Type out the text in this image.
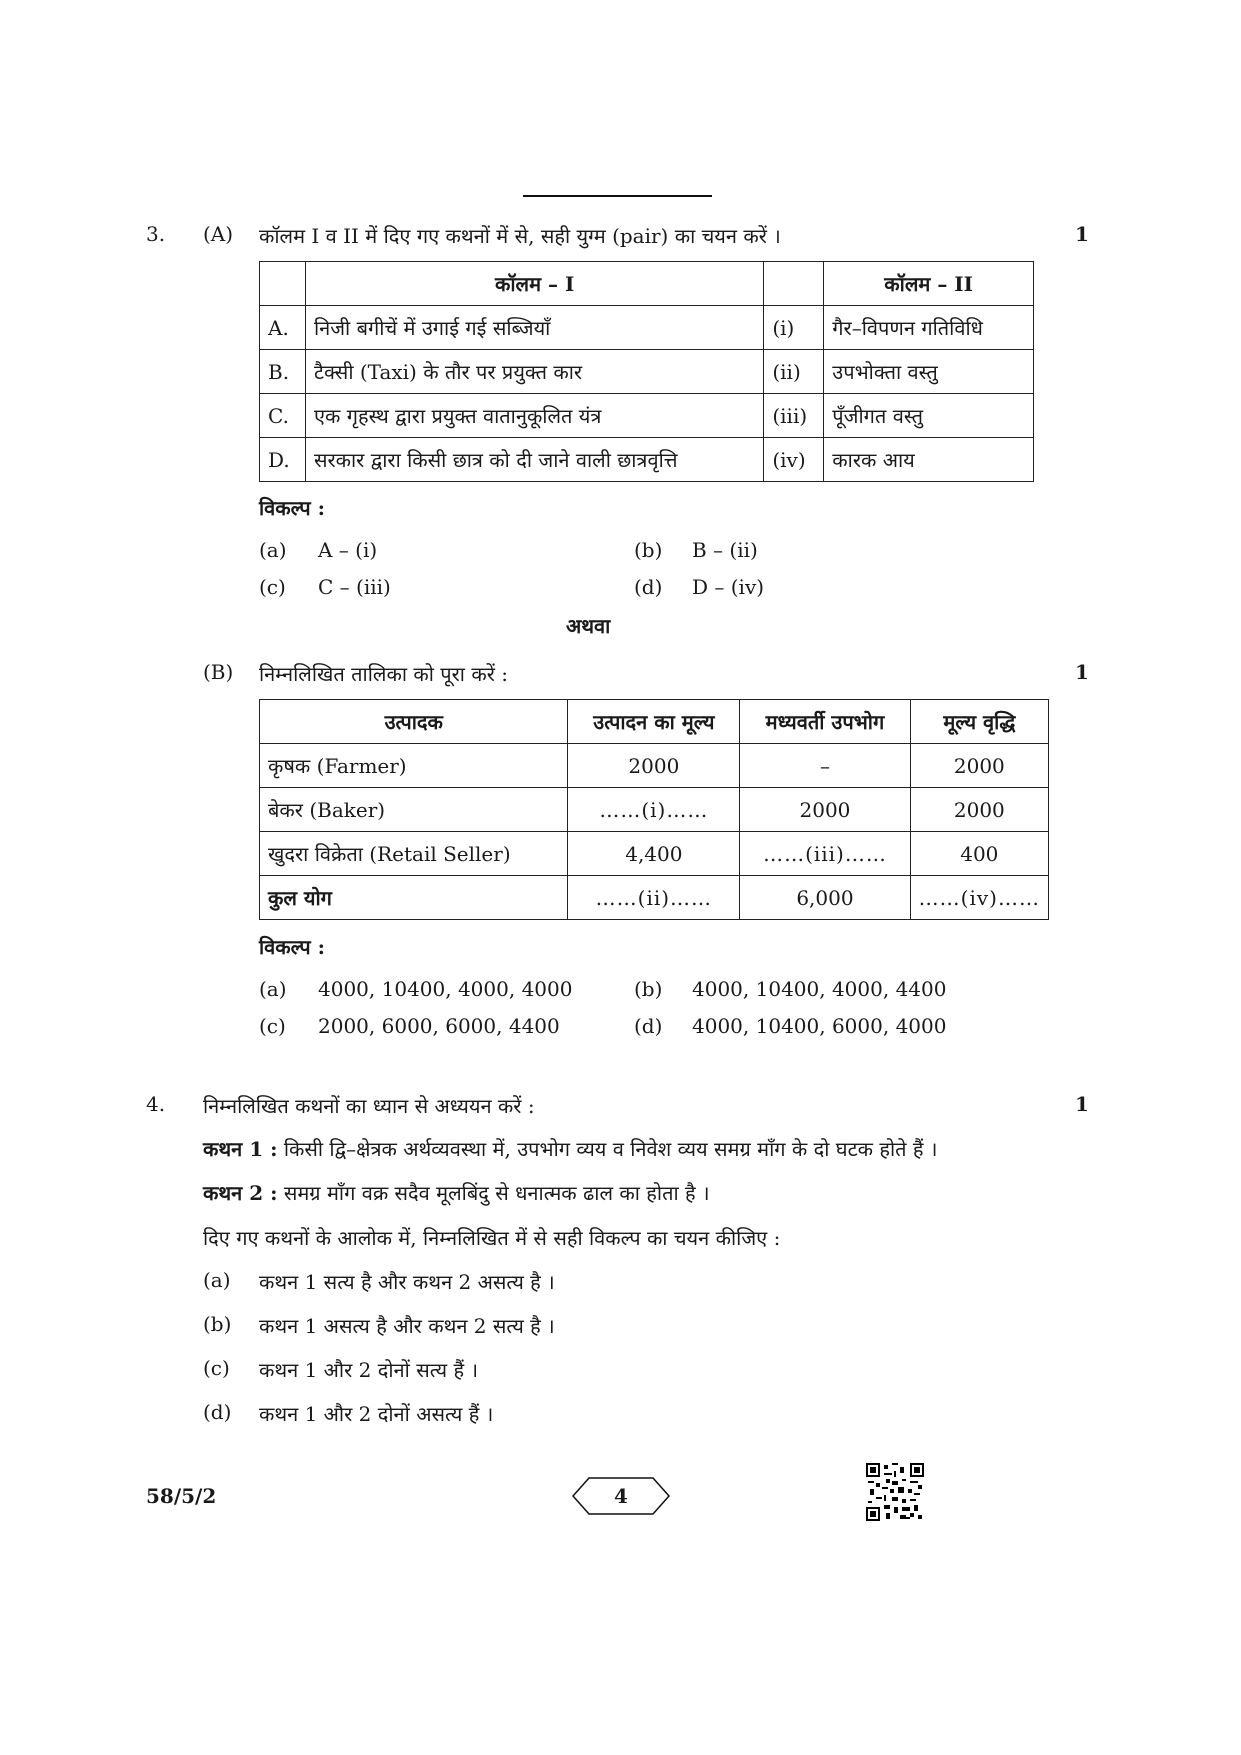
3. (A) कॉलम I व II में दिए गए कथनों में से, सही युग्म (pair) का चयन करें ।	1
	कॉलम – I		कॉलम – II
A.	निजी बगीचें में उगाई गई सब्जियाँ	(i)	गैर–विपणन गतिविधि
B.	टैक्सी (Taxi) के तौर पर प्रयुक्त कार	(ii)	उपभोक्ता वस्तु
C.	एक गृहस्थ द्वारा प्रयुक्त वातानुकूलित यंत्र	(iii)	पूँजीगत वस्तु
D.	सरकार द्वारा किसी छात्र को दी जाने वाली छात्रवृत्ति	(iv)	कारक आय
विकल्प :
(a) A – (i)	(b) B – (ii)
(c) C – (iii)	(d) D – (iv)
अथवा
(B) निम्नलिखित तालिका को पूरा करें :	1
उत्पादक	उत्पादन का मूल्य	मध्यवर्ती उपभोग	मूल्य वृद्धि
कृषक (Farmer)	2000	–	2000
बेकर (Baker)	……(i)……	2000	2000
खुदरा विक्रेता (Retail Seller)	4,400	……(iii)……	400
कुल योग	……(ii)……	6,000	……(iv)……
विकल्प :
(a) 4000, 10400, 4000, 4000	(b) 4000, 10400, 4000, 4400
(c) 2000, 6000, 6000, 4400	(d) 4000, 10400, 6000, 4000
4. निम्नलिखित कथनों का ध्यान से अध्ययन करें :	1
कथन 1 : किसी द्वि–क्षेत्रक अर्थव्यवस्था में, उपभोग व्यय व निवेश व्यय समग्र माँग के दो घटक होते हैं ।
कथन 2 : समग्र माँग वक्र सदैव मूलबिंदु से धनात्मक ढाल का होता है ।
दिए गए कथनों के आलोक में, निम्नलिखित में से सही विकल्प का चयन कीजिए :
(a) कथन 1 सत्य है और कथन 2 असत्य है ।
(b) कथन 1 असत्य है और कथन 2 सत्य है ।
(c) कथन 1 और 2 दोनों सत्य हैं ।
(d) कथन 1 और 2 दोनों असत्य हैं ।
58/5/2	4
